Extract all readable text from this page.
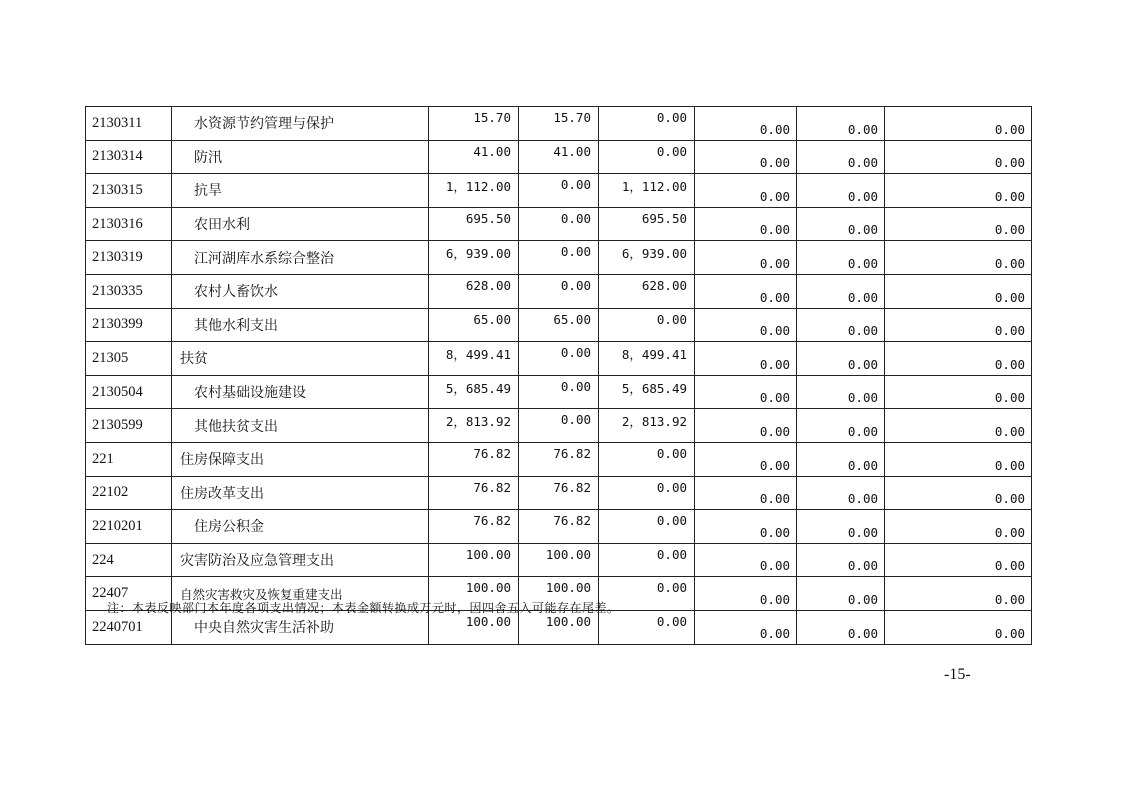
2130311	水资源节约管理与保护	15.70	15.70	0.00	0.00	0.00	0.00
2130314	防汛	41.00	41.00	0.00	0.00	0.00	0.00
2130315	抗旱	1，112.00	0.00	1，112.00	0.00	0.00	0.00
2130316	农田水利	695.50	0.00	695.50	0.00	0.00	0.00
2130319	江河湖库水系综合整治	6，939.00	0.00	6，939.00	0.00	0.00	0.00
2130335	农村人畜饮水	628.00	0.00	628.00	0.00	0.00	0.00
2130399	其他水利支出	65.00	65.00	0.00	0.00	0.00	0.00
21305	扶贫	8，499.41	0.00	8，499.41	0.00	0.00	0.00
2130504	农村基础设施建设	5，685.49	0.00	5，685.49	0.00	0.00	0.00
2130599	其他扶贫支出	2，813.92	0.00	2，813.92	0.00	0.00	0.00
221	住房保障支出	76.82	76.82	0.00	0.00	0.00	0.00
22102	住房改革支出	76.82	76.82	0.00	0.00	0.00	0.00
2210201	住房公积金	76.82	76.82	0.00	0.00	0.00	0.00
224	灾害防治及应急管理支出	100.00	100.00	0.00	0.00	0.00	0.00
22407	自然灾害救灾及恢复重建支出	100.00	100.00	0.00	0.00	0.00	0.00
2240701	中央自然灾害生活补助	100.00	100.00	0.00	0.00	0.00	0.00
注：本表反映部门本年度各项支出情况；本表金额转换成万元时，因四舍五入可能存在尾差。
-15-
